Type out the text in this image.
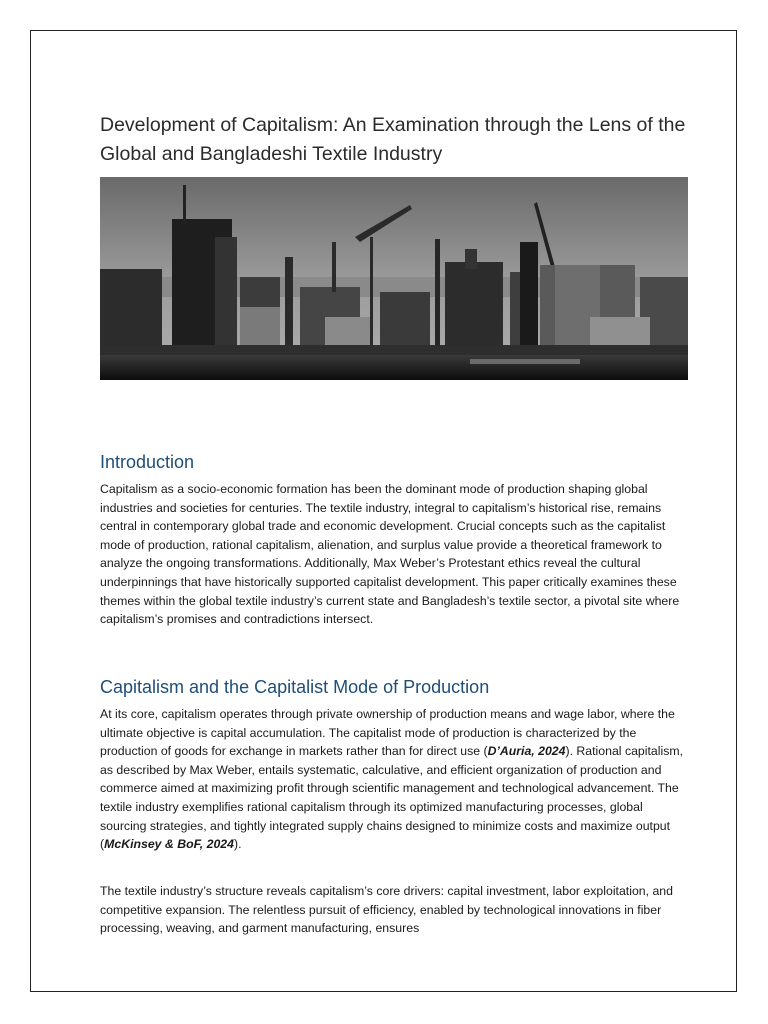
Development of Capitalism: An Examination through the Lens of the Global and Bangladeshi Textile Industry
Introduction

Capitalism as a socio-economic formation has been the dominant mode of production shaping global industries and societies for centuries. The textile industry, integral to capitalism’s historical rise, remains central in contemporary global trade and economic development. Crucial concepts such as the capitalist mode of production, rational capitalism, alienation, and surplus value provide a theoretical framework to analyze the ongoing transformations. Additionally, Max Weber’s Protestant ethics reveal the cultural underpinnings that have historically supported capitalist development. This paper critically examines these themes within the global textile industry’s current state and Bangladesh’s textile sector, a pivotal site where capitalism’s promises and contradictions intersect.

Capitalism and the Capitalist Mode of Production

At its core, capitalism operates through private ownership of production means and wage labor, where the ultimate objective is capital accumulation. The capitalist mode of production is characterized by the production of goods for exchange in markets rather than for direct use (D’Auria, 2024). Rational capitalism, as described by Max Weber, entails systematic, calculative, and efficient organization of production and commerce aimed at maximizing profit through scientific management and technological advancement. The textile industry exemplifies rational capitalism through its optimized manufacturing processes, global sourcing strategies, and tightly integrated supply chains designed to minimize costs and maximize output (McKinsey & BoF, 2024).

The textile industry’s structure reveals capitalism’s core drivers: capital investment, labor exploitation, and competitive expansion. The relentless pursuit of efficiency, enabled by technological innovations in fiber processing, weaving, and garment manufacturing, ensures
